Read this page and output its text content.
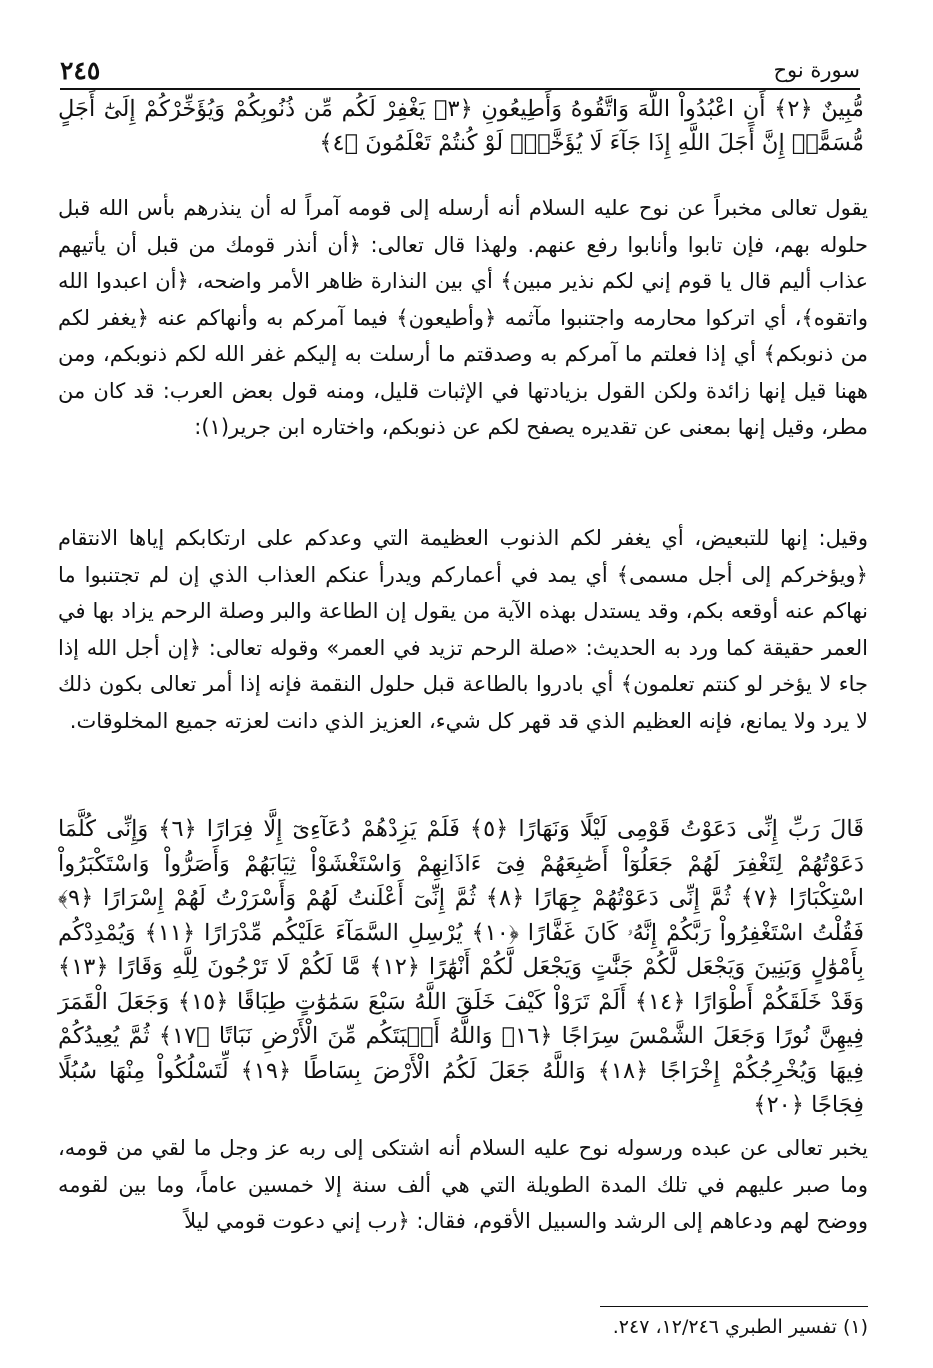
٢٤٥	سورة نوح
مُّبِينٌ ﴿٢﴾ أَنِ اعْبُدُواْ اللَّهَ وَاتَّقُوهُ وَأَطِيعُونِ ﴿٣﴾ يَغْفِرْ لَكُم مِّن ذُنُوبِكُمْ وَيُؤَخِّرْكُمْ إِلَىٰٓ أَجَلٍ مُّسَمًّىۚ إِنَّ أَجَلَ اللَّهِ إِذَا جَآءَ لَا يُؤَخَّرُۚ لَوْ كُنتُمْ تَعْلَمُونَ ﴿٤﴾
يقول تعالى مخبراً عن نوح عليه السلام أنه أرسله إلى قومه آمراً له أن ينذرهم بأس الله قبل حلوله بهم، فإن تابوا وأنابوا رفع عنهم. ولهذا قال تعالى: ﴿أن أنذر قومك من قبل أن يأتيهم عذاب أليم قال يا قوم إني لكم نذير مبين﴾ أي بين النذارة ظاهر الأمر واضحه، ﴿أن اعبدوا الله واتقوه﴾، أي اتركوا محارمه واجتنبوا مآثمه ﴿وأطيعون﴾ فيما آمركم به وأنهاكم عنه ﴿يغفر لكم من ذنوبكم﴾ أي إذا فعلتم ما آمركم به وصدقتم ما أرسلت به إليكم غفر الله لكم ذنوبكم، ومن ههنا قيل إنها زائدة ولكن القول بزيادتها في الإثبات قليل، ومنه قول بعض العرب: قد كان من مطر، وقيل إنها بمعنى عن تقديره يصفح لكم عن ذنوبكم، واختاره ابن جرير(١):
وقيل: إنها للتبعيض، أي يغفر لكم الذنوب العظيمة التي وعدكم على ارتكابكم إياها الانتقام ﴿ويؤخركم إلى أجل مسمى﴾ أي يمد في أعماركم ويدرأ عنكم العذاب الذي إن لم تجتنبوا ما نهاكم عنه أوقعه بكم، وقد يستدل بهذه الآية من يقول إن الطاعة والبر وصلة الرحم يزاد بها في العمر حقيقة كما ورد به الحديث: «صلة الرحم تزيد في العمر» وقوله تعالى: ﴿إن أجل الله إذا جاء لا يؤخر لو كنتم تعلمون﴾ أي بادروا بالطاعة قبل حلول النقمة فإنه إذا أمر تعالى بكون ذلك لا يرد ولا يمانع، فإنه العظيم الذي قد قهر كل شيء، العزيز الذي دانت لعزته جميع المخلوقات.
قَالَ رَبِّ إِنِّى دَعَوْتُ قَوْمِى لَيْلًا وَنَهَارًا ﴿٥﴾ فَلَمْ يَزِدْهُمْ دُعَآءِىٓ إِلَّا فِرَارًا ﴿٦﴾ وَإِنِّى كُلَّمَا دَعَوْتُهُمْ لِتَغْفِرَ لَهُمْ جَعَلُوٓاْ أَصَٰبِعَهُمْ فِىٓ ءَاذَانِهِمْ وَاسْتَغْشَوْاْ ثِيَابَهُمْ وَأَصَرُّواْ وَاسْتَكْبَرُواْ اسْتِكْبَارًا ﴿٧﴾ ثُمَّ إِنِّى دَعَوْتُهُمْ جِهَارًا ﴿٨﴾ ثُمَّ إِنِّىٓ أَعْلَنتُ لَهُمْ وَأَسْرَرْتُ لَهُمْ إِسْرَارًا ﴿٩﴾ فَقُلْتُ اسْتَغْفِرُواْ رَبَّكُمْ إِنَّهُۥ كَانَ غَفَّارًا ﴿١٠﴾ يُرْسِلِ السَّمَآءَ عَلَيْكُم مِّدْرَارًا ﴿١١﴾ وَيُمْدِدْكُم بِأَمْوَٰلٍ وَبَنِينَ وَيَجْعَل لَّكُمْ جَنَّٰتٍ وَيَجْعَل لَّكُمْ أَنْهَٰرًا ﴿١٢﴾ مَّا لَكُمْ لَا تَرْجُونَ لِلَّهِ وَقَارًا ﴿١٣﴾ وَقَدْ خَلَقَكُمْ أَطْوَارًا ﴿١٤﴾ أَلَمْ تَرَوْاْ كَيْفَ خَلَقَ اللَّهُ سَبْعَ سَمَٰوَٰتٍ طِبَاقًا ﴿١٥﴾ وَجَعَلَ الْقَمَرَ فِيهِنَّ نُورًا وَجَعَلَ الشَّمْسَ سِرَاجًا ﴿١٦﴾ وَاللَّهُ أَنۢبَتَكُم مِّنَ الْأَرْضِ نَبَاتًا ﴿١٧﴾ ثُمَّ يُعِيدُكُمْ فِيهَا وَيُخْرِجُكُمْ إِخْرَاجًا ﴿١٨﴾ وَاللَّهُ جَعَلَ لَكُمُ الْأَرْضَ بِسَاطًا ﴿١٩﴾ لِّتَسْلُكُواْ مِنْهَا سُبُلًا فِجَاجًا ﴿٢٠﴾
يخبر تعالى عن عبده ورسوله نوح عليه السلام أنه اشتكى إلى ربه عز وجل ما لقي من قومه، وما صبر عليهم في تلك المدة الطويلة التي هي ألف سنة إلا خمسين عاماً، وما بين لقومه ووضح لهم ودعاهم إلى الرشد والسبيل الأقوم، فقال: ﴿رب إني دعوت قومي ليلاً
(١) تفسير الطبري ١٢/٢٤٦، ٢٤٧.
